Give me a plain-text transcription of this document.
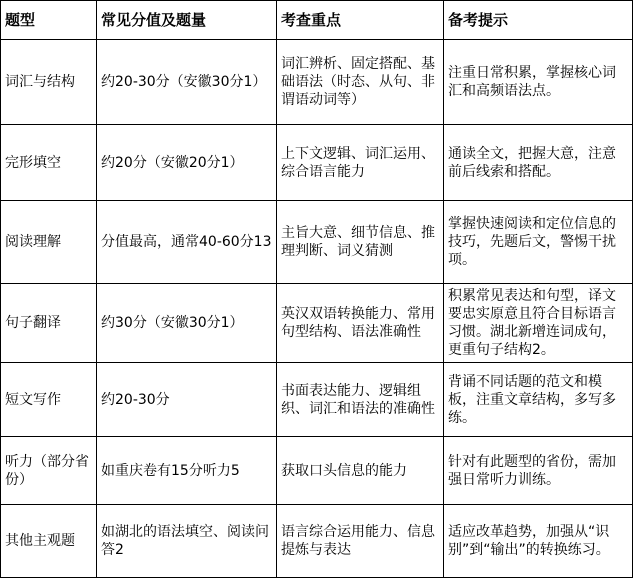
题型	常见分值及题量	考查重点	备考提示
词汇与结构	约20-30分（安徽30分1）	词汇辨析、固定搭配、基础语法（时态、从句、非谓语动词等）	注重日常积累，掌握核心词汇和高频语法点。
完形填空	约20分（安徽20分1）	上下文逻辑、词汇运用、综合语言能力	通读全文，把握大意，注意前后线索和搭配。
阅读理解	分值最高，通常40-60分13	主旨大意、细节信息、推理判断、词义猜测	掌握快速阅读和定位信息的技巧，先题后文，警惕干扰项。
句子翻译	约30分（安徽30分1）	英汉双语转换能力、常用句型结构、语法准确性	积累常见表达和句型，译文要忠实原意且符合目标语言习惯。湖北新增连词成句，更重句子结构2。
短文写作	约20-30分	书面表达能力、逻辑组织、词汇和语法的准确性	背诵不同话题的范文和模板，注重文章结构，多写多练。
听力（部分省份）	如重庆卷有15分听力5	获取口头信息的能力	针对有此题型的省份，需加强日常听力训练。
其他主观题	如湖北的语法填空、阅读问答2	语言综合运用能力、信息提炼与表达	适应改革趋势，加强从“识别”到“输出”的转换练习。
